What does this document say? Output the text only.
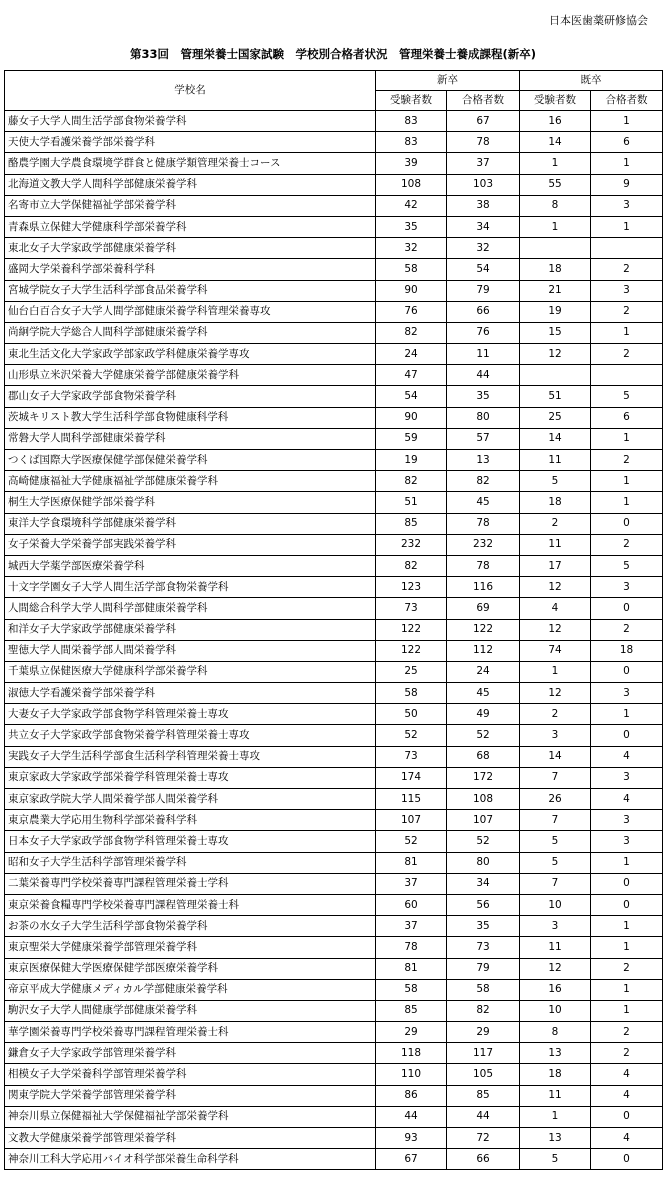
日本医歯薬研修協会
第33回　管理栄養士国家試験　学校別合格者状況　管理栄養士養成課程(新卒)
学校名	新卒		既卒	
	受験者数	合格者数	受験者数	合格者数
藤女子大学人間生活学部食物栄養学科	83	67	16	1
天使大学看護栄養学部栄養学科	83	78	14	6
酪農学園大学農食環境学群食と健康学類管理栄養士コース	39	37	1	1
北海道文教大学人間科学部健康栄養学科	108	103	55	9
名寄市立大学保健福祉学部栄養学科	42	38	8	3
青森県立保健大学健康科学部栄養学科	35	34	1	1
東北女子大学家政学部健康栄養学科	32	32		
盛岡大学栄養科学部栄養科学科	58	54	18	2
宮城学院女子大学生活科学部食品栄養学科	90	79	21	3
仙台白百合女子大学人間学部健康栄養学科管理栄養専攻	76	66	19	2
尚絅学院大学総合人間科学部健康栄養学科	82	76	15	1
東北生活文化大学家政学部家政学科健康栄養学専攻	24	11	12	2
山形県立米沢栄養大学健康栄養学部健康栄養学科	47	44		
郡山女子大学家政学部食物栄養学科	54	35	51	5
茨城キリスト教大学生活科学部食物健康科学科	90	80	25	6
常磐大学人間科学部健康栄養学科	59	57	14	1
つくば国際大学医療保健学部保健栄養学科	19	13	11	2
高崎健康福祉大学健康福祉学部健康栄養学科	82	82	5	1
桐生大学医療保健学部栄養学科	51	45	18	1
東洋大学食環境科学部健康栄養学科	85	78	2	0
女子栄養大学栄養学部実践栄養学科	232	232	11	2
城西大学薬学部医療栄養学科	82	78	17	5
十文字学園女子大学人間生活学部食物栄養学科	123	116	12	3
人間総合科学大学人間科学部健康栄養学科	73	69	4	0
和洋女子大学家政学部健康栄養学科	122	122	12	2
聖徳大学人間栄養学部人間栄養学科	122	112	74	18
千葉県立保健医療大学健康科学部栄養学科	25	24	1	0
淑徳大学看護栄養学部栄養学科	58	45	12	3
大妻女子大学家政学部食物学科管理栄養士専攻	50	49	2	1
共立女子大学家政学部食物栄養学科管理栄養士専攻	52	52	3	0
実践女子大学生活科学部食生活科学科管理栄養士専攻	73	68	14	4
東京家政大学家政学部栄養学科管理栄養士専攻	174	172	7	3
東京家政学院大学人間栄養学部人間栄養学科	115	108	26	4
東京農業大学応用生物科学部栄養科学科	107	107	7	3
日本女子大学家政学部食物学科管理栄養士専攻	52	52	5	3
昭和女子大学生活科学部管理栄養学科	81	80	5	1
二葉栄養専門学校栄養専門課程管理栄養士学科	37	34	7	0
東京栄養食糧専門学校栄養専門課程管理栄養士科	60	56	10	0
お茶の水女子大学生活科学部食物栄養学科	37	35	3	1
東京聖栄大学健康栄養学部管理栄養学科	78	73	11	1
東京医療保健大学医療保健学部医療栄養学科	81	79	12	2
帝京平成大学健康メディカル学部健康栄養学科	58	58	16	1
駒沢女子大学人間健康学部健康栄養学科	85	82	10	1
華学園栄養専門学校栄養専門課程管理栄養士科	29	29	8	2
鎌倉女子大学家政学部管理栄養学科	118	117	13	2
相模女子大学栄養科学部管理栄養学科	110	105	18	4
関東学院大学栄養学部管理栄養学科	86	85	11	4
神奈川県立保健福祉大学保健福祉学部栄養学科	44	44	1	0
文教大学健康栄養学部管理栄養学科	93	72	13	4
神奈川工科大学応用バイオ科学部栄養生命科学科	67	66	5	0
